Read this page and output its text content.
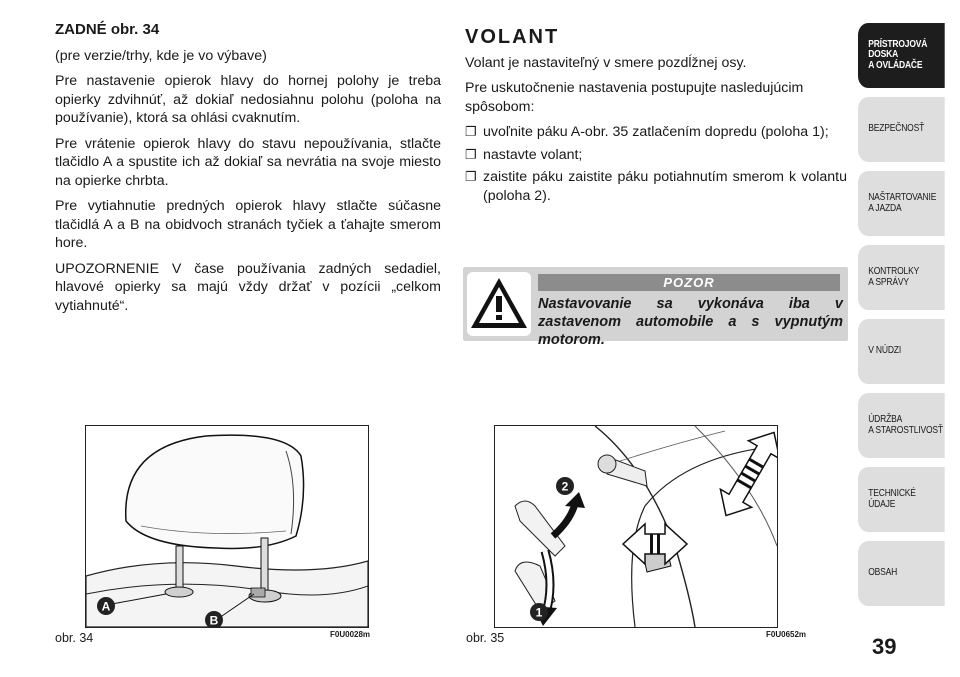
ZADNÉ obr. 34

(pre verzie/trhy, kde je vo výbave)

Pre nastavenie opierok hlavy do hornej polohy je treba opierky zdvihnúť, až dokiaľ nedosiahnu polohu (poloha na používanie), ktorá sa ohlási cvaknutím.

Pre vrátenie opierok hlavy do stavu nepoužívania, stlačte tlačidlo A a spustite ich až dokiaľ sa nevrátia na svoje miesto na opierke chrbta.

Pre vytiahnutie predných opierok hlavy stlačte súčasne tlačidlá A a B na obidvoch stranách tyčiek a ťahajte smerom hore.

UPOZORNENIE V čase používania zadných sedadiel, hlavové opierky sa majú vždy držať v pozícii „celkom vytiahnuté“.

VOLANT

Volant je nastaviteľný v smere pozdĺžnej osy.

Pre uskutočnenie nastavenia postupujte nasledujúcim spôsobom:

❐ uvoľnite páku A-obr. 35 zatlačením dopredu (poloha 1);
❐ nastavte volant;
❐ zaistite páku zaistite páku potiahnutím smerom k volantu (poloha 2).
POZOR
Nastavovanie sa vykonáva iba v zastavenom automobile a s vypnutým motorom.
A
B
1
2
obr. 34	F0U0028m	obr. 35	F0U0652m
PRÍSTROJOVÁ
DOSKA
A OVLÁDAČE
BEZPEČNOSŤ
NAŠTARTOVANIE
A JAZDA
KONTROLKY
A SPRÁVY
V NÚDZI
ÚDRŽBA
A STAROSTLIVOSŤ
TECHNICKÉ ÚDAJE
OBSAH
39
